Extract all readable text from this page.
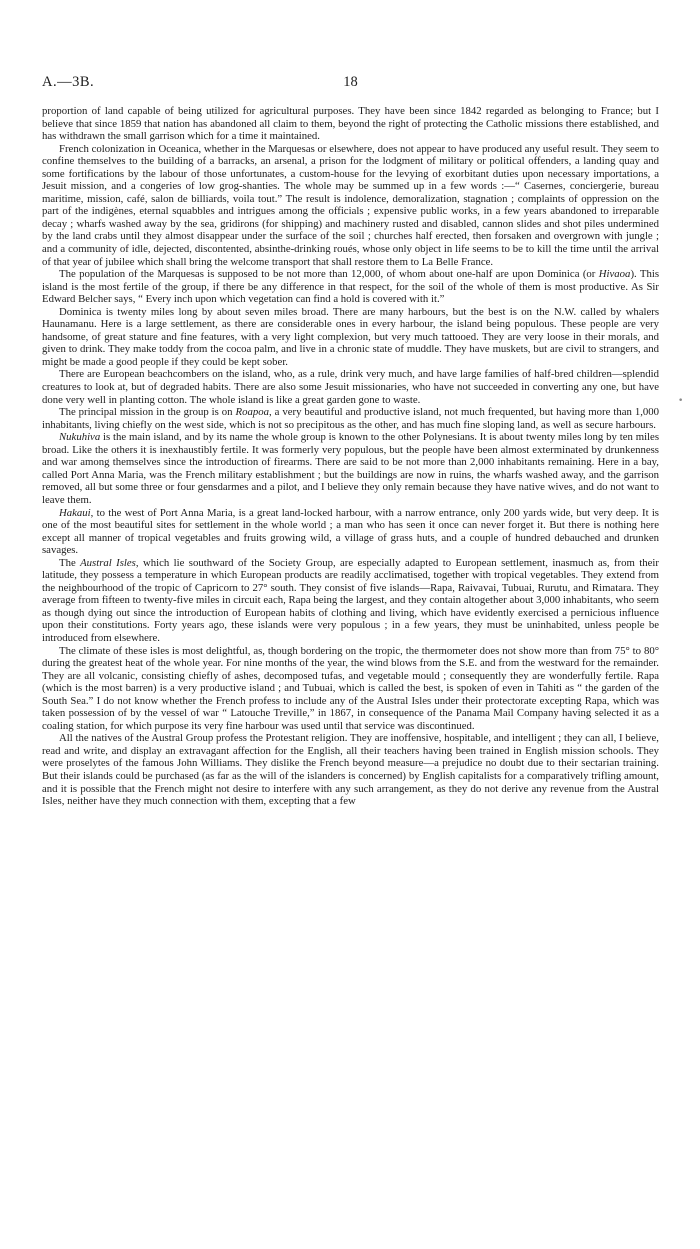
A.—3B.	18

proportion of land capable of being utilized for agricultural purposes. They have been since 1842 regarded as belonging to France; but I believe that since 1859 that nation has abandoned all claim to them, beyond the right of protecting the Catholic missions there established, and has withdrawn the small garrison which for a time it maintained.

French colonization in Oceanica, whether in the Marquesas or elsewhere, does not appear to have produced any useful result. They seem to confine themselves to the building of a barracks, an arsenal, a prison for the lodgment of military or political offenders, a landing quay and some fortifications by the labour of those unfortunates, a custom-house for the levying of exorbitant duties upon necessary importations, a Jesuit mission, and a congeries of low grog-shanties. The whole may be summed up in a few words :—“ Casernes, conciergerie, bureau maritime, mission, café, salon de billiards, voila tout.” The result is indolence, demoralization, stagnation ; complaints of oppression on the part of the indigènes, eternal squabbles and intrigues among the officials ; expensive public works, in a few years abandoned to irreparable decay ; wharfs washed away by the sea, gridirons (for shipping) and machinery rusted and disabled, cannon slides and shot piles undermined by the land crabs until they almost disappear under the surface of the soil ; churches half erected, then forsaken and overgrown with jungle ; and a community of idle, dejected, discontented, absinthe-drinking roués, whose only object in life seems to be to kill the time until the arrival of that year of jubilee which shall bring the welcome transport that shall restore them to La Belle France.

The population of the Marquesas is supposed to be not more than 12,000, of whom about one-half are upon Dominica (or Hivaoa). This island is the most fertile of the group, if there be any difference in that respect, for the soil of the whole of them is most productive. As Sir Edward Belcher says, “ Every inch upon which vegetation can find a hold is covered with it.”

Dominica is twenty miles long by about seven miles broad. There are many harbours, but the best is on the N.W. called by whalers Haunamanu. Here is a large settlement, as there are considerable ones in every harbour, the island being populous. These people are very handsome, of great stature and fine features, with a very light complexion, but very much tattooed. They are very loose in their morals, and given to drink. They make toddy from the cocoa palm, and live in a chronic state of muddle. They have muskets, but are civil to strangers, and might be made a good people if they could be kept sober.

There are European beachcombers on the island, who, as a rule, drink very much, and have large families of half-bred children—splendid creatures to look at, but of degraded habits. There are also some Jesuit missionaries, who have not succeeded in converting any one, but have done very well in planting cotton. The whole island is like a great garden gone to waste.

The principal mission in the group is on Roapoa, a very beautiful and productive island, not much frequented, but having more than 1,000 inhabitants, living chiefly on the west side, which is not so precipitous as the other, and has much fine sloping land, as well as secure harbours.

Nukuhiva is the main island, and by its name the whole group is known to the other Polynesians. It is about twenty miles long by ten miles broad. Like the others it is inexhaustibly fertile. It was formerly very populous, but the people have been almost exterminated by drunkenness and war among themselves since the introduction of firearms. There are said to be not more than 2,000 inhabitants remaining. Here in a bay, called Port Anna Maria, was the French military establishment ; but the buildings are now in ruins, the wharfs washed away, and the garrison removed, all but some three or four gensdarmes and a pilot, and I believe they only remain because they have native wives, and do not want to leave them.

Hakaui, to the west of Port Anna Maria, is a great land-locked harbour, with a narrow entrance, only 200 yards wide, but very deep. It is one of the most beautiful sites for settlement in the whole world ; a man who has seen it once can never forget it. But there is nothing here except all manner of tropical vegetables and fruits growing wild, a village of grass huts, and a couple of hundred debauched and drunken savages.

The Austral Isles, which lie southward of the Society Group, are especially adapted to European settlement, inasmuch as, from their latitude, they possess a temperature in which European products are readily acclimatised, together with tropical vegetables. They extend from the neighbourhood of the tropic of Capricorn to 27° south. They consist of five islands—Rapa, Raivavai, Tubuai, Rurutu, and Rimatara. They average from fifteen to twenty-five miles in circuit each, Rapa being the largest, and they contain altogether about 3,000 inhabitants, who seem as though dying out since the introduction of European habits of clothing and living, which have evidently exercised a pernicious influence upon their constitutions. Forty years ago, these islands were very populous ; in a few years, they must be uninhabited, unless people be introduced from elsewhere.

The climate of these isles is most delightful, as, though bordering on the tropic, the thermometer does not show more than from 75° to 80° during the greatest heat of the whole year. For nine months of the year, the wind blows from the S.E. and from the westward for the remainder. They are all volcanic, consisting chiefly of ashes, decomposed tufas, and vegetable mould ; consequently they are wonderfully fertile. Rapa (which is the most barren) is a very productive island ; and Tubuai, which is called the best, is spoken of even in Tahiti as “ the garden of the South Sea.” I do not know whether the French profess to include any of the Austral Isles under their protectorate excepting Rapa, which was taken possession of by the vessel of war “ Latouche Treville,” in 1867, in consequence of the Panama Mail Company having selected it as a coaling station, for which purpose its very fine harbour was used until that service was discontinued.

All the natives of the Austral Group profess the Protestant religion. They are inoffensive, hospitable, and intelligent ; they can all, I believe, read and write, and display an extravagant affection for the English, all their teachers having been trained in English mission schools. They were proselytes of the famous John Williams. They dislike the French beyond measure—a prejudice no doubt due to their sectarian training. But their islands could be purchased (as far as the will of the islanders is concerned) by English capitalists for a comparatively trifling amount, and it is possible that the French might not desire to interfere with any such arrangement, as they do not derive any revenue from the Austral Isles, neither have they much connection with them, excepting that a few

•
